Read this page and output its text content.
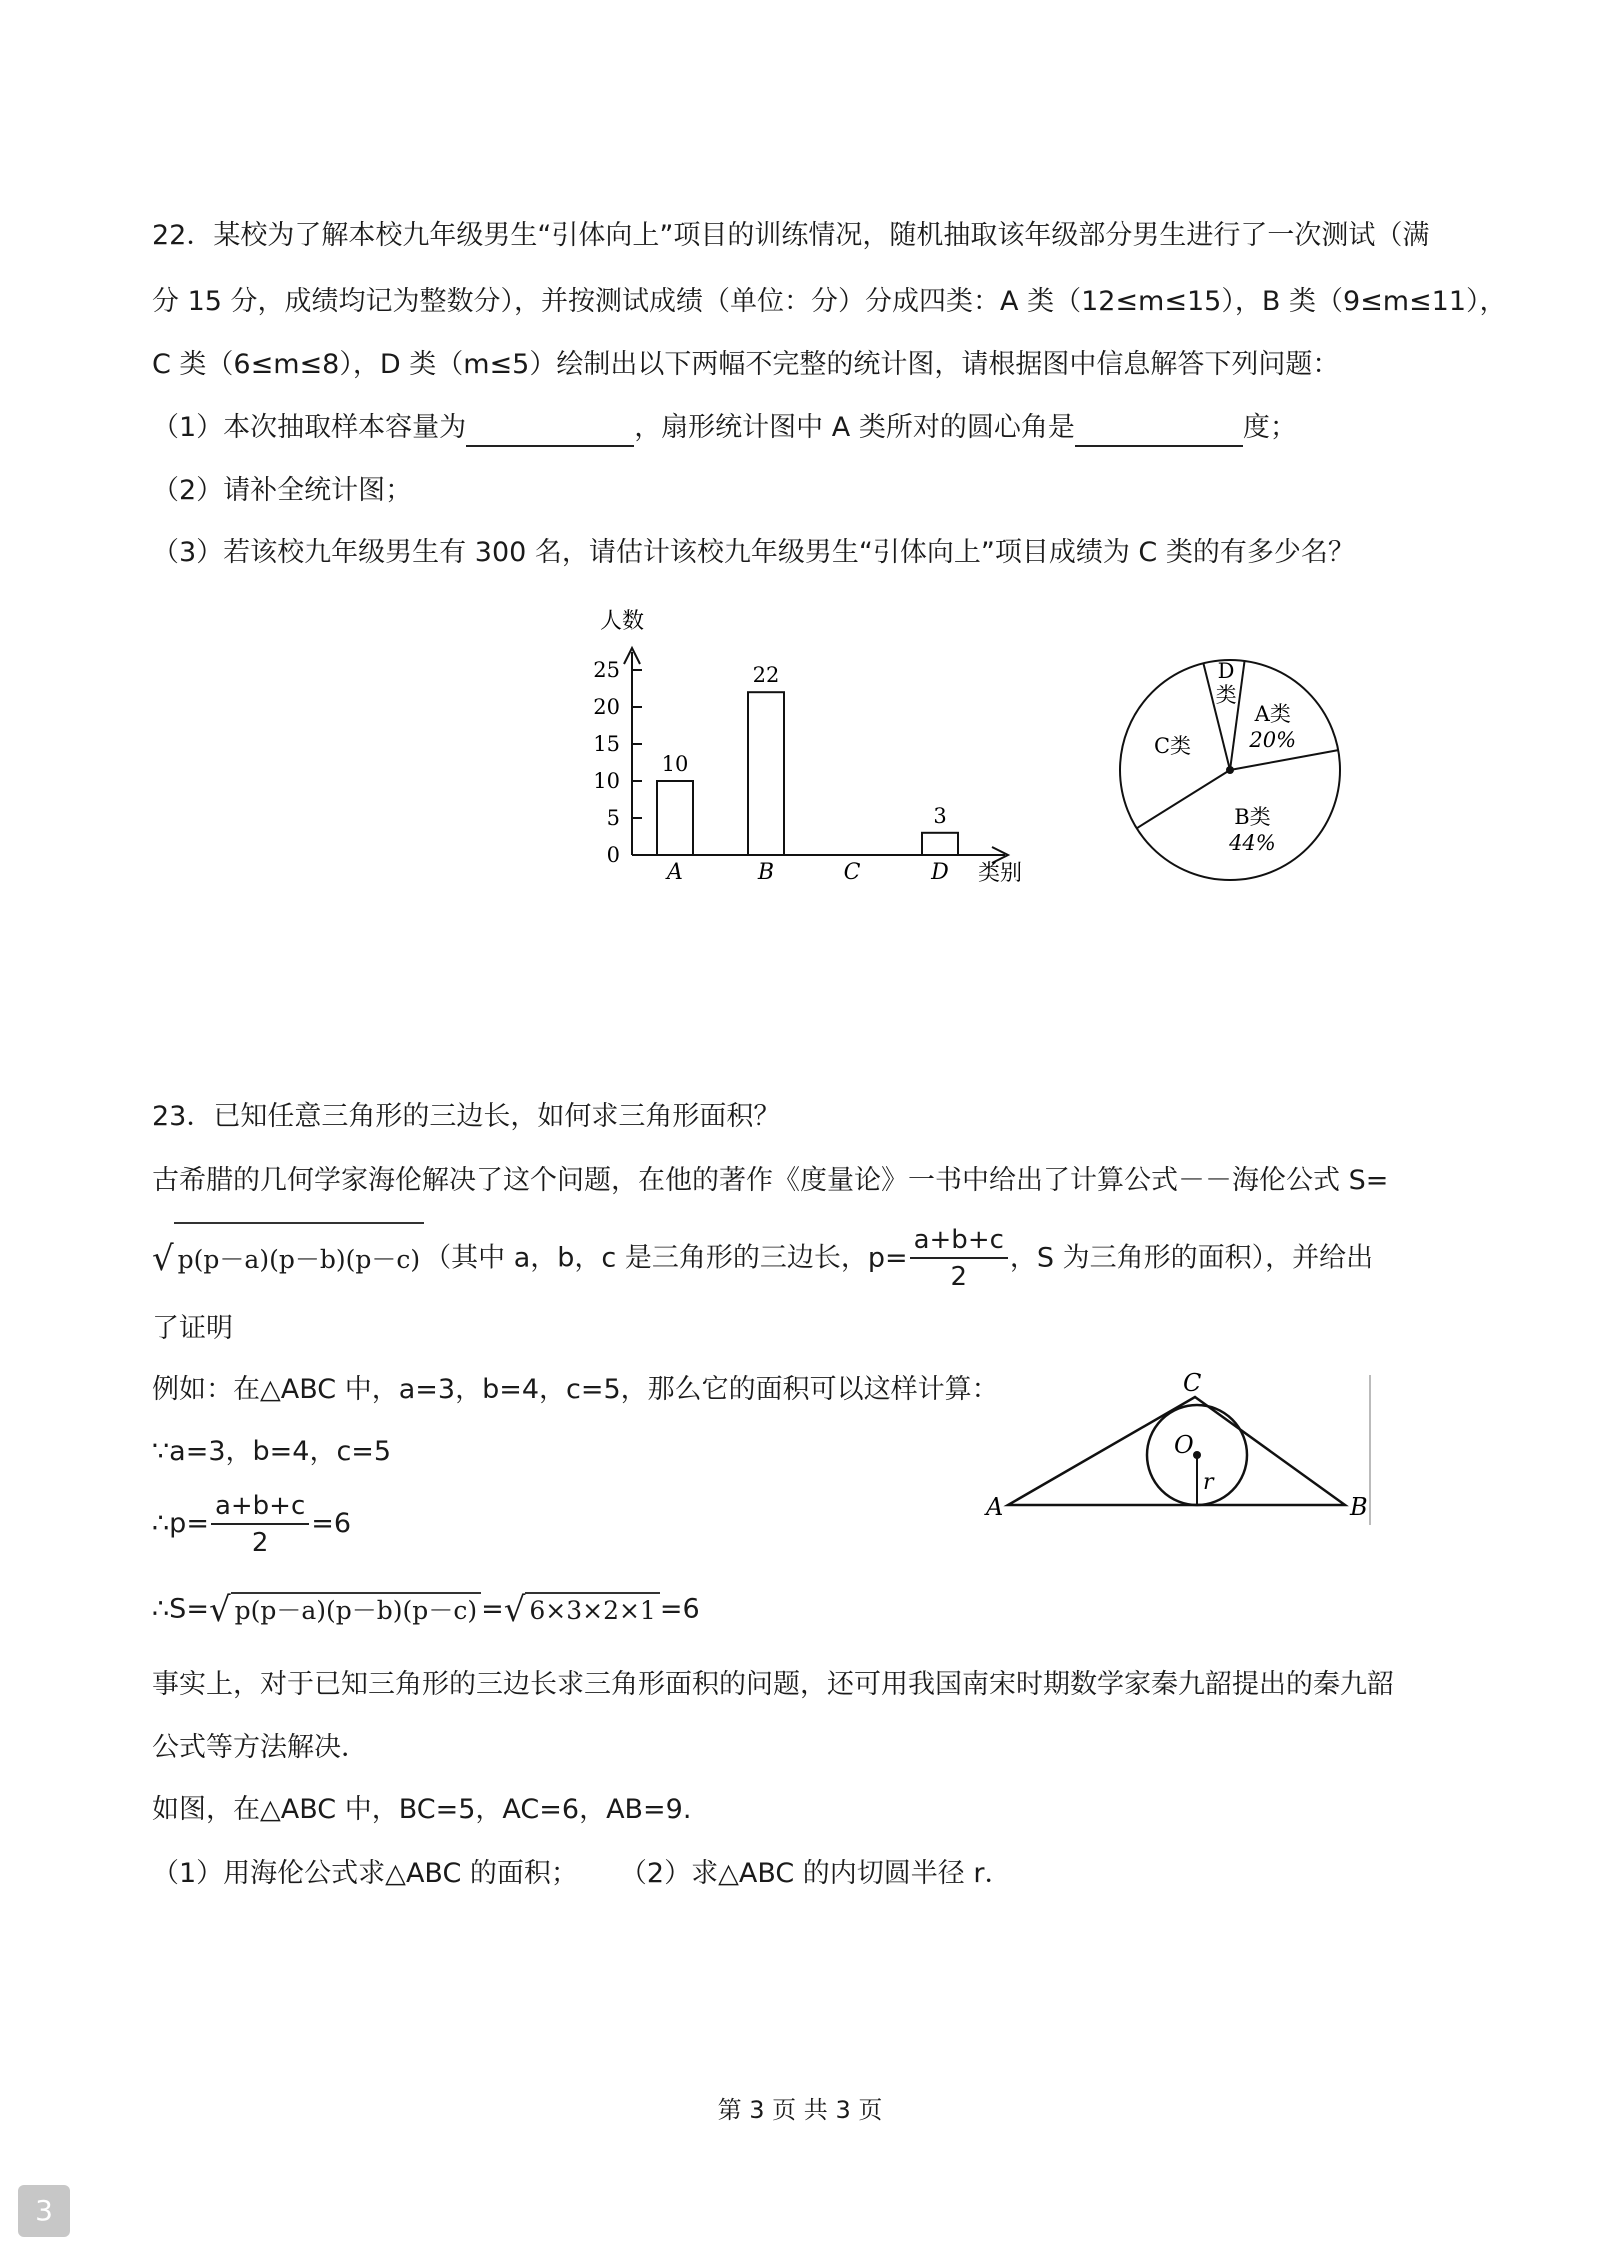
22．某校为了解本校九年级男生“引体向上”项目的训练情况，随机抽取该年级部分男生进行了一次测试（满
分 15 分，成绩均记为整数分），并按测试成绩（单位：分）分成四类：A 类（12≤m≤15），B 类（9≤m≤11），
C 类（6≤m≤8），D 类（m≤5）绘制出以下两幅不完整的统计图，请根据图中信息解答下列问题：
（1）本次抽取样本容量为	，扇形统计图中 A 类所对的圆心角是	度；
（2）请补全统计图；
（3）若该校九年级男生有 300 名，请估计该校九年级男生“引体向上”项目成绩为 C 类的有多少名？
0
5
10
15
20
25
10
A
22
B	C
3
D
人数
类别
D 类
A类 20%
B类 44%
C类
23．已知任意三角形的三边长，如何求三角形面积？
古希腊的几何学家海伦解决了这个问题，在他的著作《度量论》一书中给出了计算公式－－海伦公式 S=
√ p(p－a)(p－b)(p－c) （其中 a，b，c 是三角形的三边长，$p= \frac{a+b+c}{2}$ ，S 为三角形的面积），并给出
了证明
例如：在△ABC 中，a=3，b=4，c=5，那么它的面积可以这样计算：
∵a=3，b=4，c=5
∴p= $\frac{a+b+c}{2} =6$
∴S=√ p(p－a)(p－b)(p－c) =√ 6×3×2×1 =6
事实上，对于已知三角形的三边长求三角形面积的问题，还可用我国南宋时期数学家秦九韶提出的秦九韶
公式等方法解决．
如图，在△ABC 中，BC=5，AC=6，AB=9.
（1）用海伦公式求△ABC 的面积； （2）求△ABC 的内切圆半径 r．
A	B
C
O
r
第 3 页 共 3 页
3
